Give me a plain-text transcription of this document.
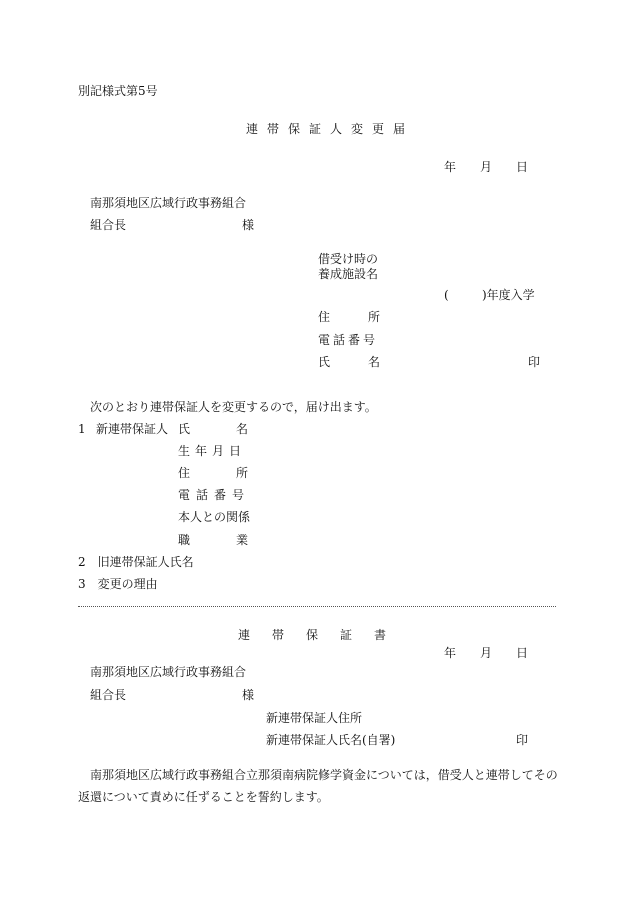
別記様式第5号
連帯保証人変更届
年 月 日
南那須地区広域行政事務組合
組合長	様
借受け時の
養成施設名
(	)年度入学
住	所
電話番号
氏	名	印
次のとおり連帯保証人を変更するので，届け出ます。
1 新連帯保証人 氏	名
生年月日
住	所
電話番号
本人との関係
職	業
2　旧連帯保証人氏名
3　変更の理由
連帯保証書
年 月 日
南那須地区広域行政事務組合
組合長	様
新連帯保証人住所
新連帯保証人氏名(自署)	印
南那須地区広域行政事務組合立那須南病院修学資金については，借受人と連帯してその
返還について責めに任ずることを誓約します。
